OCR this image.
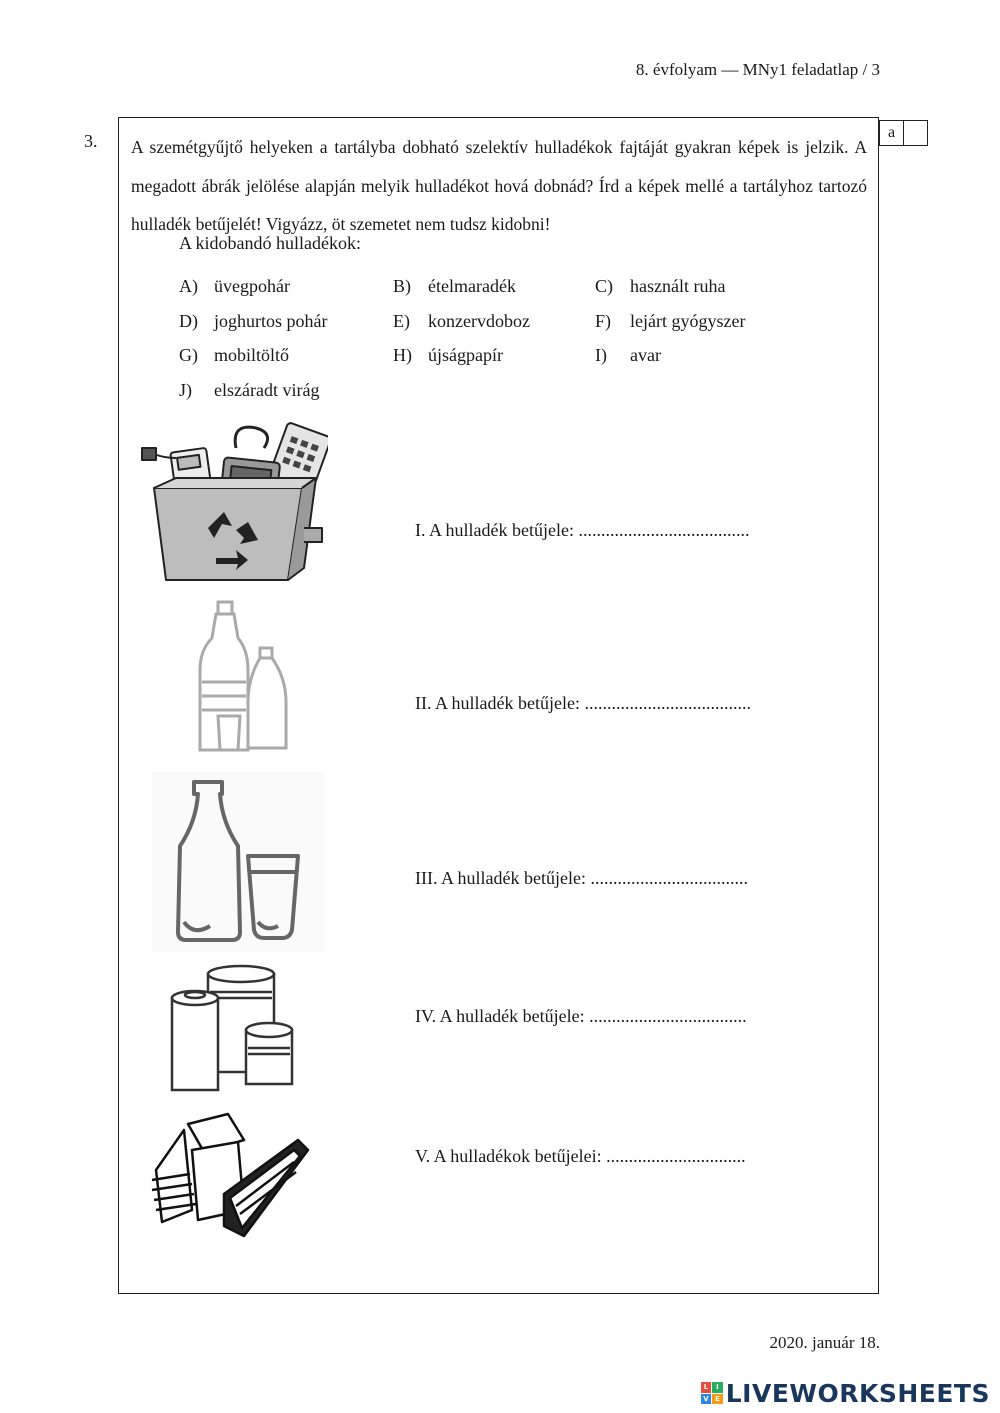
8. évfolyam — MNy1 feladatlap / 3
3.	a
A szemétgyűjtő helyeken a tartályba dobható szelektív hulladékok fajtáját gyakran képek is jelzik. A megadott ábrák jelölése alapján melyik hulladékot hová dobnád? Írd a képek mellé a tartályhoz tartozó hulladék betűjelét! Vigyázz, öt szemetet nem tudsz kidobni!
A kidobandó hulladékok:
A) üvegpohár	B) ételmaradék	C) használt ruha
D) joghurtos pohár	E) konzervdoboz	F) lejárt gyógyszer
G) mobiltöltő	H) újságpapír	I) avar
J) elszáradt virág
I. A hulladék betűjele: ......................................
II. A hulladék betűjele: .....................................
III. A hulladék betűjele: ...................................
IV. A hulladék betűjele: ...................................
V. A hulladékok betűjelei: ...............................
2020. január 18.
L	I
V E LIVEWORKSHEETS
